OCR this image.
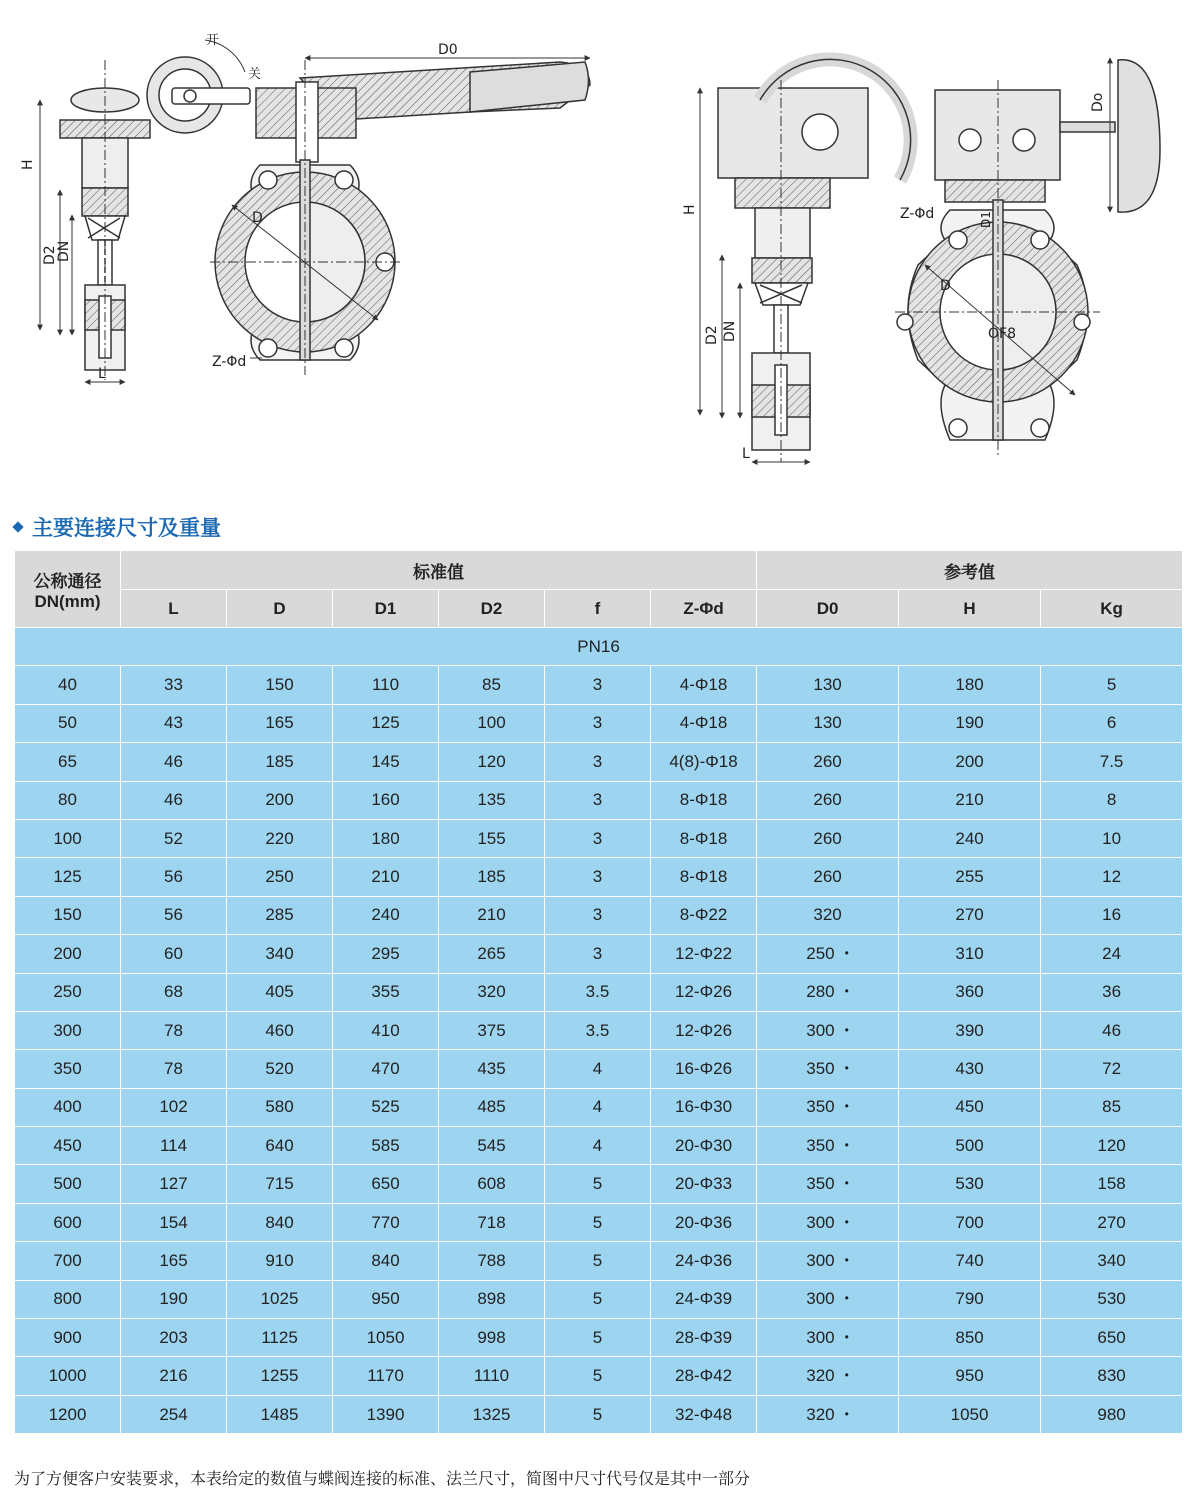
H
D2
DN
L
开
关
D0
D
Z-Φd
H
D2 DN
L
Do
Z-Φd
D
D1
OF8
主要连接尺寸及重量
公称通径
DN(mm)	标准值						参考值		
	L	D	D1	D2	f	Z-Φd	D0	H	Kg
PN16									
40	33	150	110	85	3	4-Φ18	130	180	5
50	43	165	125	100	3	4-Φ18	130	190	6
65	46	185	145	120	3	4(8)-Φ18	260	200	7.5
80	46	200	160	135	3	8-Φ18	260	210	8
100	52	220	180	155	3	8-Φ18	260	240	10
125	56	250	210	185	3	8-Φ18	260	255	12
150	56	285	240	210	3	8-Φ22	320	270	16
200	60	340	295	265	3	12-Φ22	250 •	310	24
250	68	405	355	320	3.5	12-Φ26	280 •	360	36
300	78	460	410	375	3.5	12-Φ26	300 •	390	46
350	78	520	470	435	4	16-Φ26	350 •	430	72
400	102	580	525	485	4	16-Φ30	350 •	450	85
450	114	640	585	545	4	20-Φ30	350 •	500	120
500	127	715	650	608	5	20-Φ33	350 •	530	158
600	154	840	770	718	5	20-Φ36	300 •	700	270
700	165	910	840	788	5	24-Φ36	300 •	740	340
800	190	1025	950	898	5	24-Φ39	300 •	790	530
900	203	1125	1050	998	5	28-Φ39	300 •	850	650
1000	216	1255	1170	1110	5	28-Φ42	320 •	950	830
1200	254	1485	1390	1325	5	32-Φ48	320 •	1050	980
为了方便客户安装要求，本表给定的数值与蝶阀连接的标准、法兰尺寸，简图中尺寸代号仅是其中一部分
